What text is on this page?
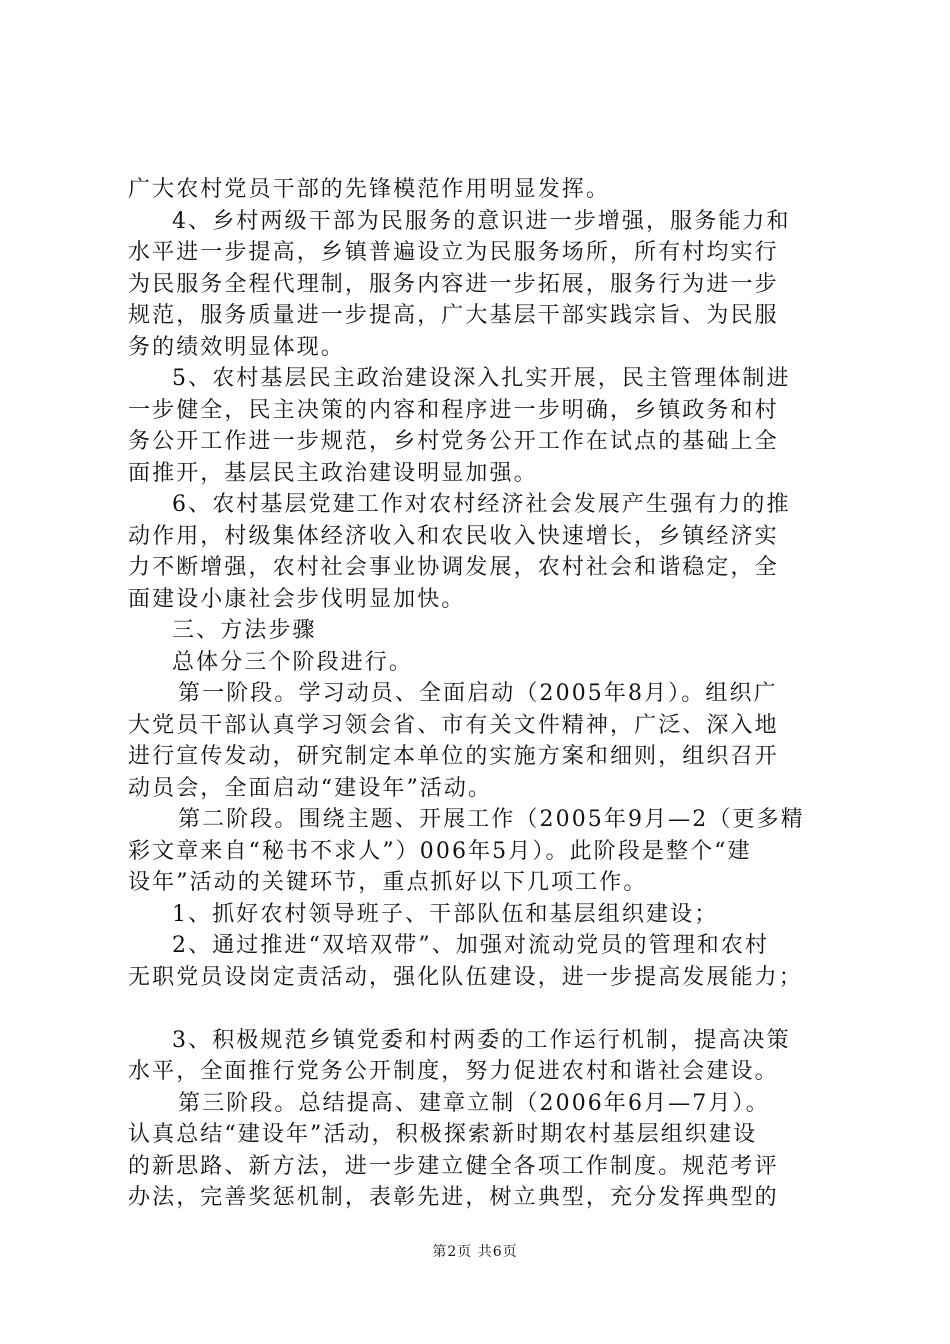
广大农村党员干部的先锋模范作用明显发挥。
4、乡村两级干部为民服务的意识进一步增强，服务能力和
水平进一步提高，乡镇普遍设立为民服务场所，所有村均实行
为民服务全程代理制，服务内容进一步拓展，服务行为进一步
规范，服务质量进一步提高，广大基层干部实践宗旨、为民服
务的绩效明显体现。
5、农村基层民主政治建设深入扎实开展，民主管理体制进
一步健全，民主决策的内容和程序进一步明确，乡镇政务和村
务公开工作进一步规范，乡村党务公开工作在试点的基础上全
面推开，基层民主政治建设明显加强。
6、农村基层党建工作对农村经济社会发展产生强有力的推
动作用，村级集体经济收入和农民收入快速增长，乡镇经济实
力不断增强，农村社会事业协调发展，农村社会和谐稳定，全
面建设小康社会步伐明显加快。
三、方法步骤
总体分三个阶段进行。
第一阶段。学习动员、全面启动（2005年8月）。组织广
大党员干部认真学习领会省、市有关文件精神，广泛、深入地
进行宣传发动，研究制定本单位的实施方案和细则，组织召开
动员会，全面启动“建设年”活动。
第二阶段。围绕主题、开展工作（2005年9月—2（更多精
彩文章来自“秘书不求人”）006年5月）。此阶段是整个“建
设年”活动的关键环节，重点抓好以下几项工作。
1、抓好农村领导班子、干部队伍和基层组织建设；
2、通过推进“双培双带”、加强对流动党员的管理和农村
无职党员设岗定责活动，强化队伍建设，进一步提高发展能力；
3、积极规范乡镇党委和村两委的工作运行机制，提高决策
水平，全面推行党务公开制度，努力促进农村和谐社会建设。
第三阶段。总结提高、建章立制（2006年6月—7月）。
认真总结“建设年”活动，积极探索新时期农村基层组织建设
的新思路、新方法，进一步建立健全各项工作制度。规范考评
办法，完善奖惩机制，表彰先进，树立典型，充分发挥典型的
第2页 共6页
